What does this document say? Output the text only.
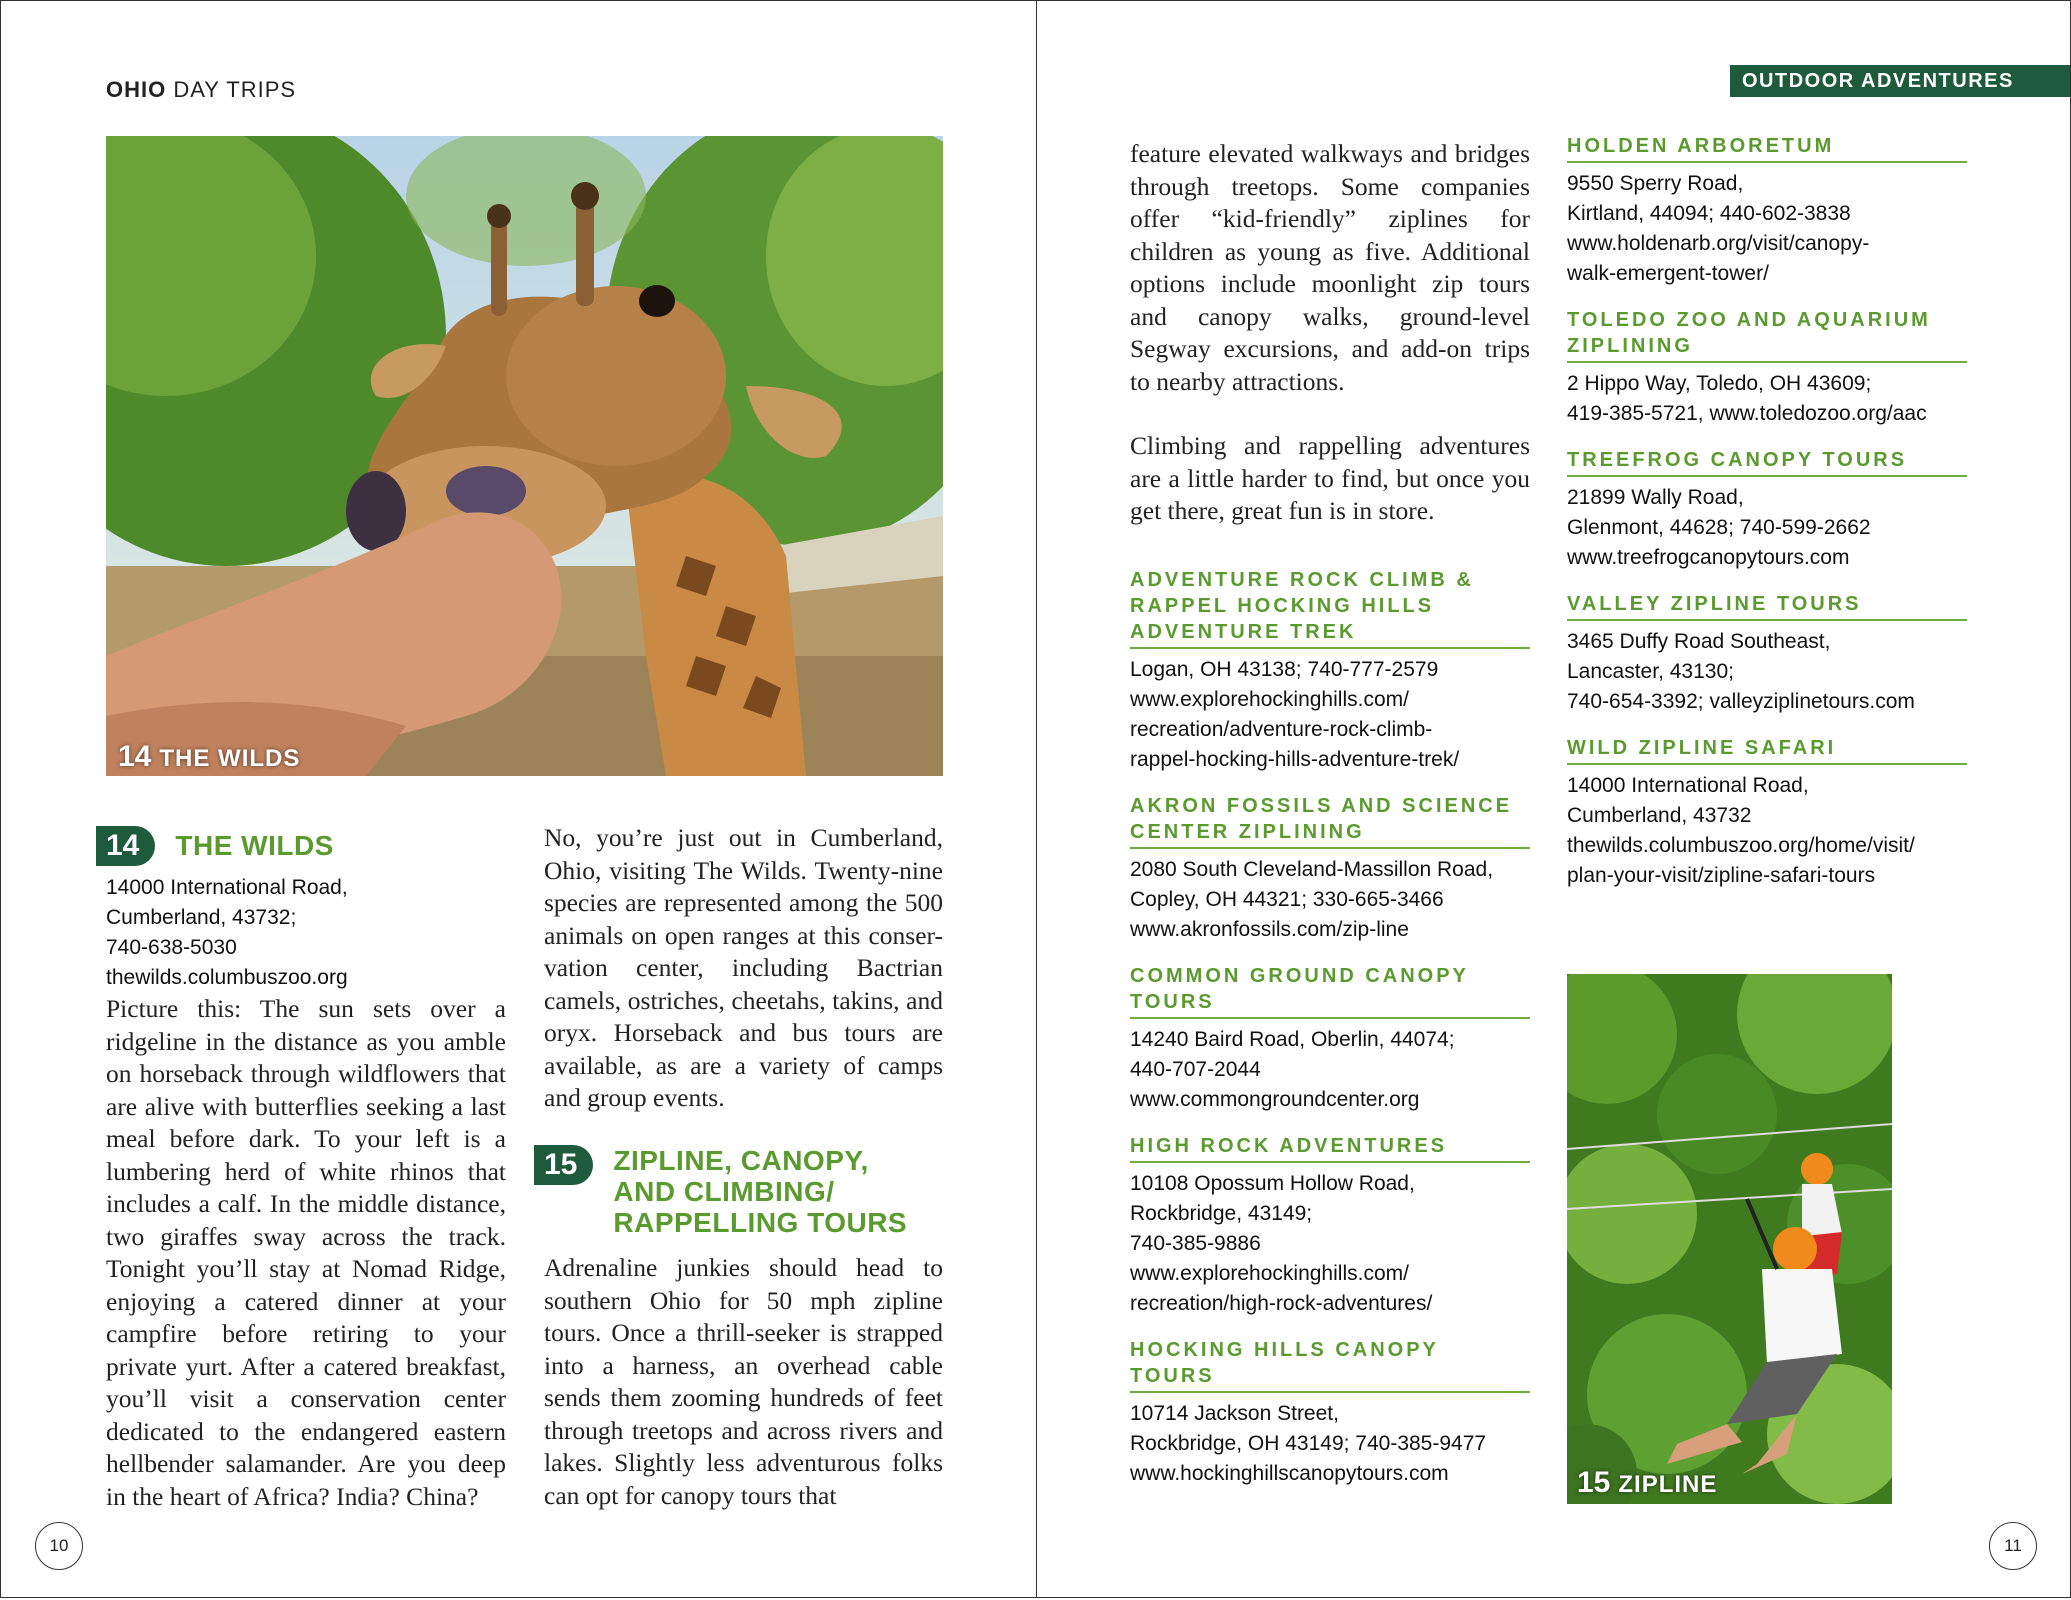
OHIO DAY TRIPS
14 THE WILDS
14	THE WILDS
14000 International Road,
Cumberland, 43732;
740-638-5030
thewilds.columbuszoo.org
Picture this: The sun sets over a ridgeline in the distance as you amble on horseback through wildflowers that are alive with butterflies seeking a last meal before dark. To your left is a lumbering herd of white rhinos that includes a calf. In the middle distance, two giraffes sway across the track. Tonight you’ll stay at Nomad Ridge, enjoying a catered dinner at your campfire before retiring to your private yurt. After a catered breakfast, you’ll visit a conservation center dedicated to the endangered eastern hellbender salamander. Are you deep in the heart of Africa? India? China?
No, you’re just out in Cumberland, Ohio, visiting The Wilds. Twenty-nine species are represented among the 500 animals on open ranges at this conser-vation center, including Bactrian camels, ostriches, cheetahs, takins, and oryx. Horseback and bus tours are available, as are a variety of camps and group events.
15	ZIPLINE, CANOPY,
AND CLIMBING/
RAPPELLING TOURS
Adrenaline junkies should head to southern Ohio for 50 mph zipline tours. Once a thrill-seeker is strapped into a harness, an overhead cable sends them zooming hundreds of feet through treetops and across rivers and lakes. Slightly less adventurous folks can opt for canopy tours that
10
OUTDOOR ADVENTURES
feature elevated walkways and bridges through treetops. Some companies offer “kid-friendly” ziplines for children as young as five. Additional options include moonlight zip tours and canopy walks, ground-level Segway excursions, and add-on trips to nearby attractions.
Climbing and rappelling adventures are a little harder to find, but once you get there, great fun is in store.
ADVENTURE ROCK CLIMB & RAPPEL HOCKING HILLS ADVENTURE TREK
Logan, OH 43138; 740-777-2579
www.explorehockinghills.com/
recreation/adventure-rock-climb-
rappel-hocking-hills-adventure-trek/
AKRON FOSSILS AND SCIENCE CENTER ZIPLINING
2080 South Cleveland-Massillon Road,
Copley, OH 44321; 330-665-3466
www.akronfossils.com/zip-line
COMMON GROUND CANOPY TOURS
14240 Baird Road, Oberlin, 44074;
440-707-2044
www.commongroundcenter.org
HIGH ROCK ADVENTURES
10108 Opossum Hollow Road,
Rockbridge, 43149;
740-385-9886
www.explorehockinghills.com/
recreation/high-rock-adventures/
HOCKING HILLS CANOPY TOURS
10714 Jackson Street,
Rockbridge, OH 43149; 740-385-9477
www.hockinghillscanopytours.com
HOLDEN ARBORETUM
9550 Sperry Road,
Kirtland, 44094; 440-602-3838
www.holdenarb.org/visit/canopy-
walk-emergent-tower/
TOLEDO ZOO AND AQUARIUM ZIPLINING
2 Hippo Way, Toledo, OH 43609;
419-385-5721, www.toledozoo.org/aac
TREEFROG CANOPY TOURS
21899 Wally Road,
Glenmont, 44628; 740-599-2662
www.treefrogcanopytours.com
VALLEY ZIPLINE TOURS
3465 Duffy Road Southeast,
Lancaster, 43130;
740-654-3392; valleyziplinetours.com
WILD ZIPLINE SAFARI
14000 International Road,
Cumberland, 43732
thewilds.columbuszoo.org/home/visit/
plan-your-visit/zipline-safari-tours
15 ZIPLINE
11
